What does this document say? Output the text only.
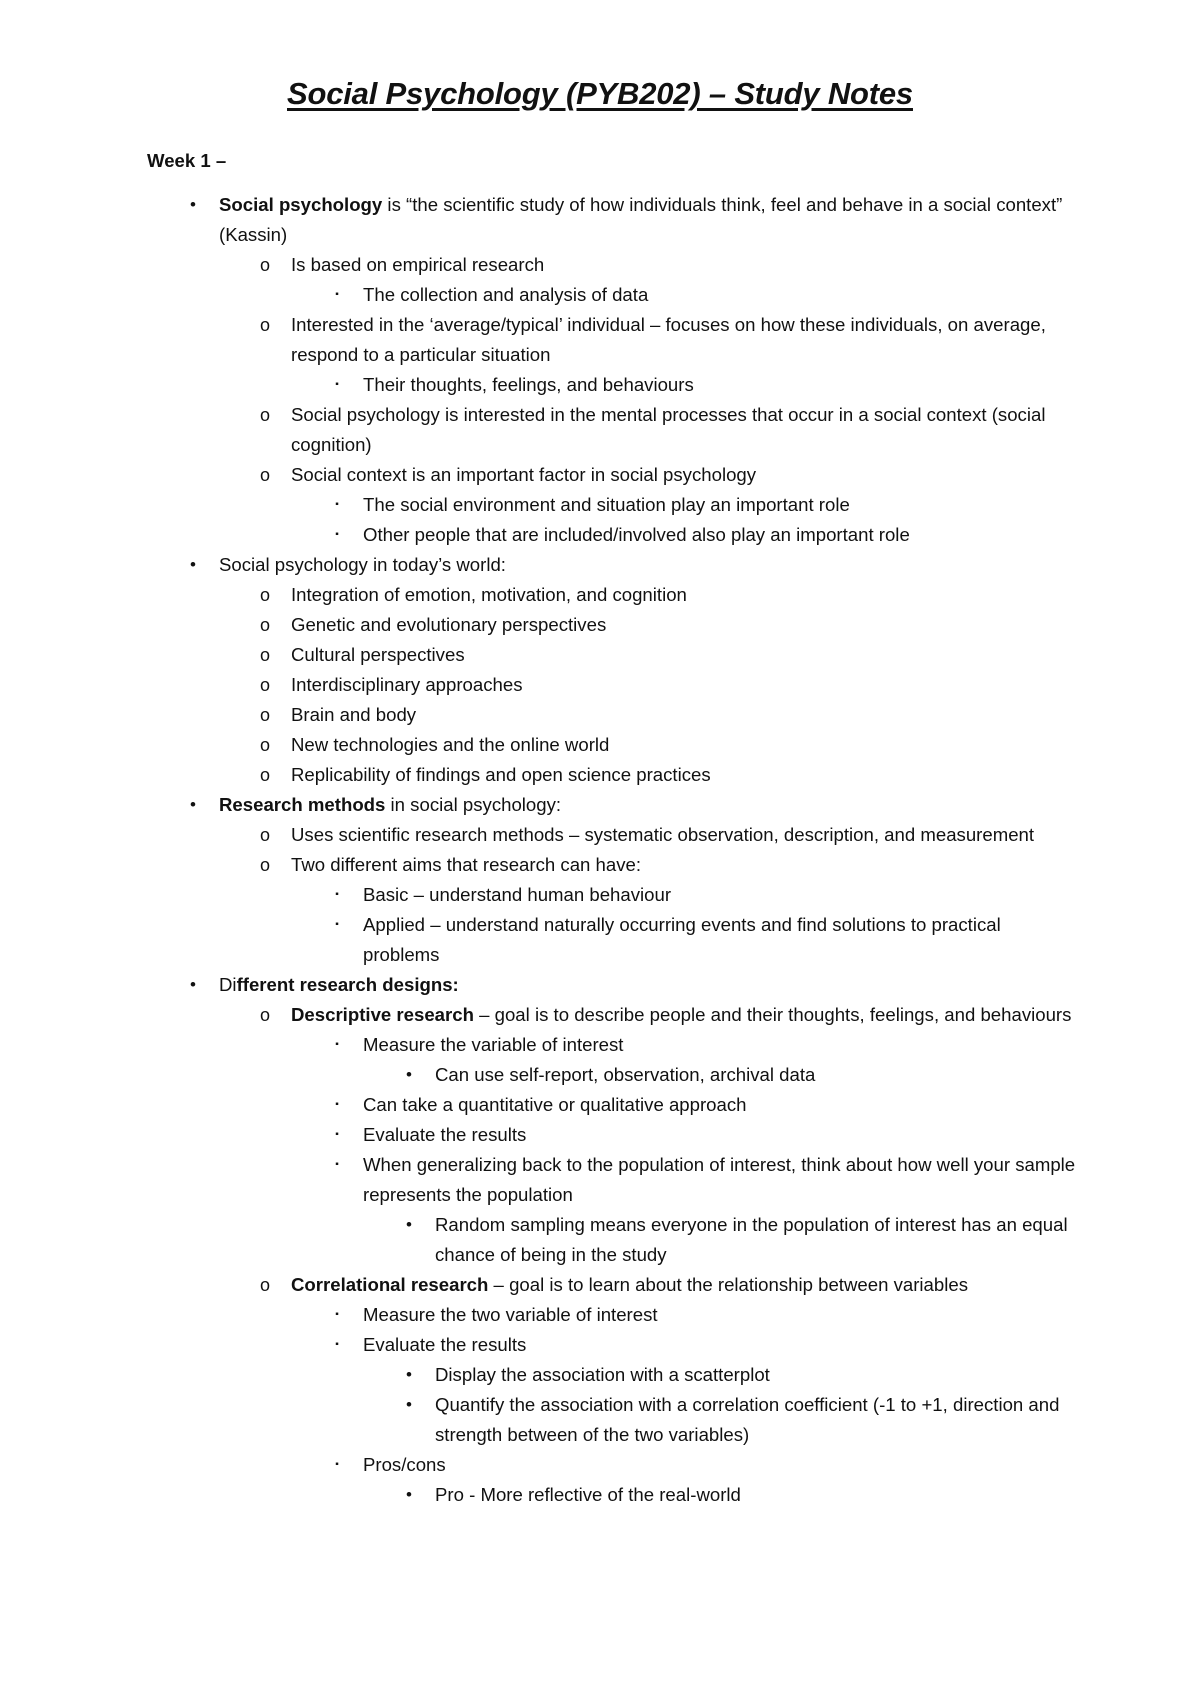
Social Psychology (PYB202) – Study Notes
Week 1 –
•	Social psychology is “the scientific study of how individuals think, feel and behave in a social context” (Kassin)
o Is based on empirical research
▪	The collection and analysis of data
o Interested in the ‘average/typical’ individual – focuses on how these individuals, on average, respond to a particular situation
▪	Their thoughts, feelings, and behaviours
o Social psychology is interested in the mental processes that occur in a social context (social cognition)
o Social context is an important factor in social psychology
▪	The social environment and situation play an important role
▪	Other people that are included/involved also play an important role
•	Social psychology in today’s world:
o Integration of emotion, motivation, and cognition
o Genetic and evolutionary perspectives
o Cultural perspectives
o Interdisciplinary approaches
o Brain and body
o New technologies and the online world
o Replicability of findings and open science practices
•	Research methods in social psychology:
o Uses scientific research methods – systematic observation, description, and measurement
o Two different aims that research can have:
▪	Basic – understand human behaviour
▪	Applied – understand naturally occurring events and find solutions to practical problems
•	Different research designs:
o Descriptive research – goal is to describe people and their thoughts, feelings, and behaviours
▪	Measure the variable of interest
•	Can use self-report, observation, archival data
▪	Can take a quantitative or qualitative approach
▪	Evaluate the results
▪	When generalizing back to the population of interest, think about how well your sample represents the population
•	Random sampling means everyone in the population of interest has an equal chance of being in the study
o Correlational research – goal is to learn about the relationship between variables
▪	Measure the two variable of interest
▪	Evaluate the results
•	Display the association with a scatterplot
•	Quantify the association with a correlation coefficient (-1 to +1, direction and strength between of the two variables)
▪	Pros/cons
•	Pro - More reflective of the real-world
